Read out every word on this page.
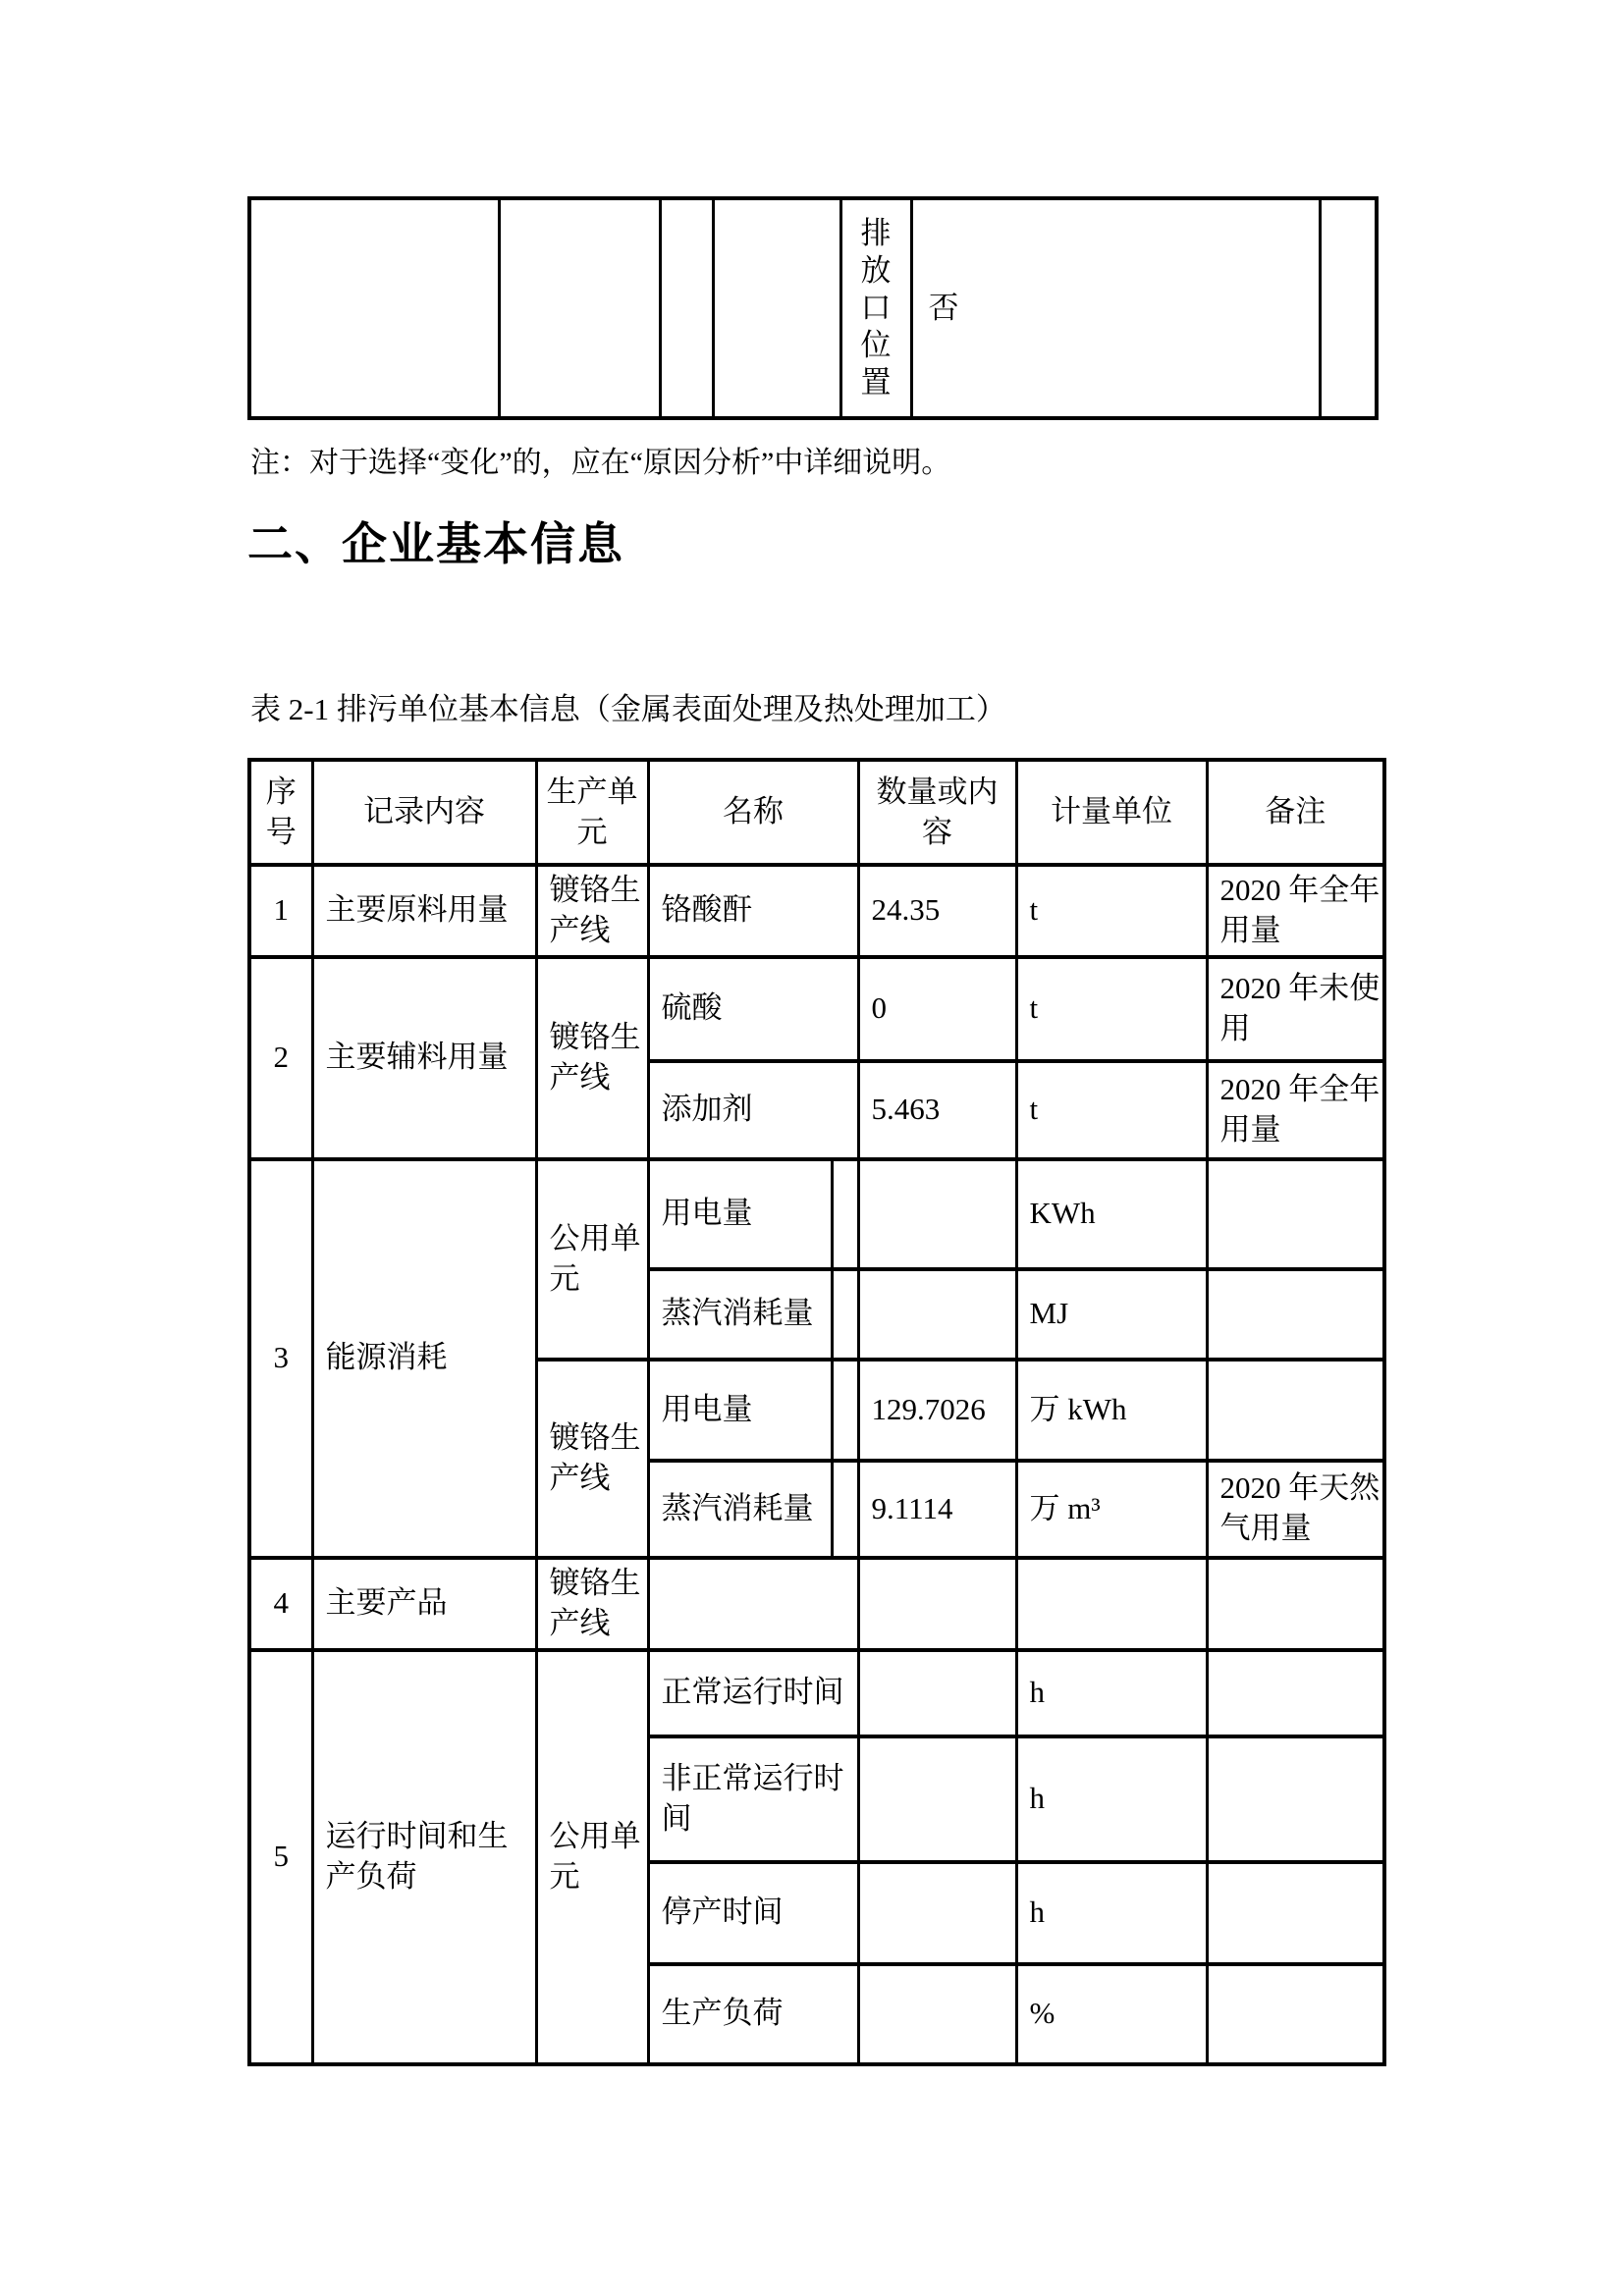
				排放口位置	否	
注：对于选择“变化”的，应在“原因分析”中详细说明。
二、企业基本信息
表 2-1 排污单位基本信息（金属表面处理及热处理加工）
序号	记录内容	生产单元	名称		数量或内容	计量单位	备注
1	主要原料用量	镀铬生产线	铬酸酐		24.35	t	2020 年全年用量
2	主要辅料用量	镀铬生产线	硫酸		0	t	2020 年未使用
			添加剂		5.463	t	2020 年全年用量
3	能源消耗	公用单元	用电量			KWh	
			蒸汽消耗量			MJ	
		镀铬生产线	用电量		129.7026	万 kWh	
			蒸汽消耗量		9.1114	万 m³	2020 年天然气用量
4	主要产品	镀铬生产线					
5	运行时间和生产负荷	公用单元	正常运行时间			h	
			非正常运行时间			h	
			停产时间			h	
			生产负荷			%	
